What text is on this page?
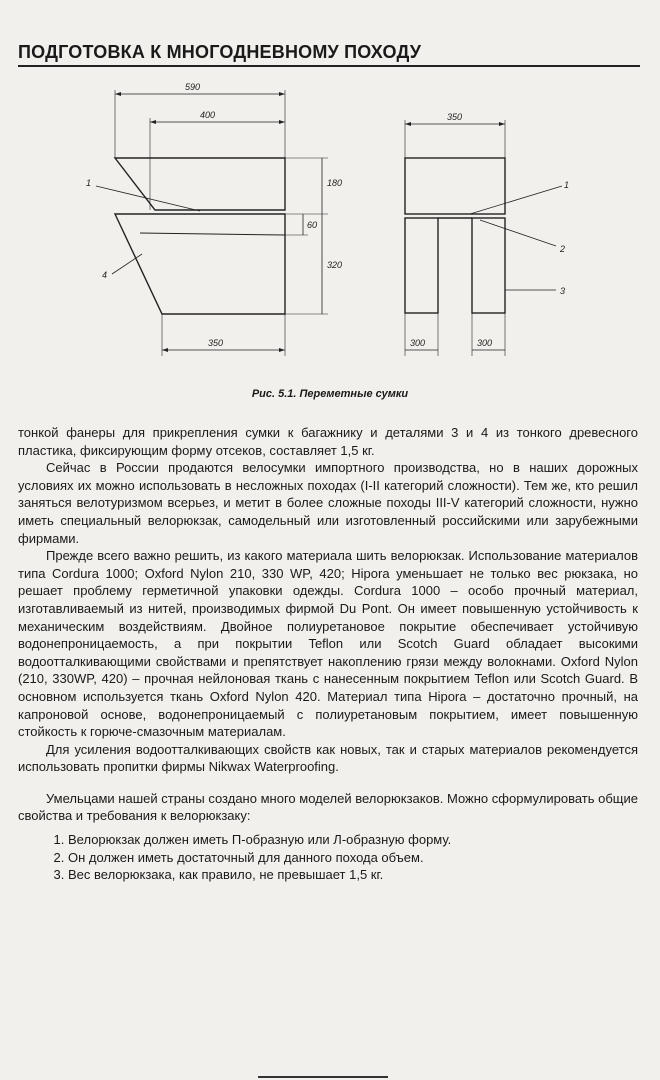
ПОДГОТОВКА К МНОГОДНЕВНОМУ ПОХОДУ
590
400	350
180
60
320
350	300	300
1
4
1
2
3
Рис. 5.1. Переметные сумки

тонкой фанеры для прикрепления сумки к багажнику и деталями 3 и 4 из тонкого древесного пластика, фиксирующим форму отсеков, составляет 1,5 кг.

Сейчас в России продаются велосумки импортного производства, но в наших дорожных условиях их можно использовать в несложных походах (I-II категорий сложности). Тем же, кто решил заняться велотуризмом всерьез, и метит в более сложные походы III-V категорий сложности, нужно иметь специальный велорюкзак, самодельный или изготовленный российскими или зарубежными фирмами.

Прежде всего важно решить, из какого материала шить велорюкзак. Использование материалов типа Cordura 1000; Oxford Nylon 210, 330 WP, 420; Hipora уменьшает не только вес рюкзака, но решает проблему герметичной упаковки одежды. Cordura 1000 – особо прочный материал, изготавливаемый из нитей, производимых фирмой Du Pont. Он имеет повышенную устойчивость к механическим воздействиям. Двойное полиуретановое покрытие обеспечивает устойчивую водонепроницаемость, а при покрытии Teflon или Scotch Guard обладает высокими водоотталкивающими свойствами и препятствует накоплению грязи между волокнами. Oxford Nylon (210, 330WP, 420) – прочная нейлоновая ткань с нанесенным покрытием Teflon или Scotch Guard. В основном используется ткань Oxford Nylon 420. Материал типа Hipora – достаточно прочный, на капроновой основе, водонепроницаемый с полиуретановым покрытием, имеет повышенную стойкость к горюче-смазочным материалам.

Для усиления водоотталкивающих свойств как новых, так и старых материалов рекомендуется использовать пропитки фирмы Nikwax Waterproofing.

Умельцами нашей страны создано много моделей велорюкзаков. Можно сформулировать общие свойства и требования к велорюкзаку:

1. Велорюкзак должен иметь П-образную или Л-образную форму.
2. Он должен иметь достаточный для данного похода объем.
3. Вес велорюкзака, как правило, не превышает 1,5 кг.
